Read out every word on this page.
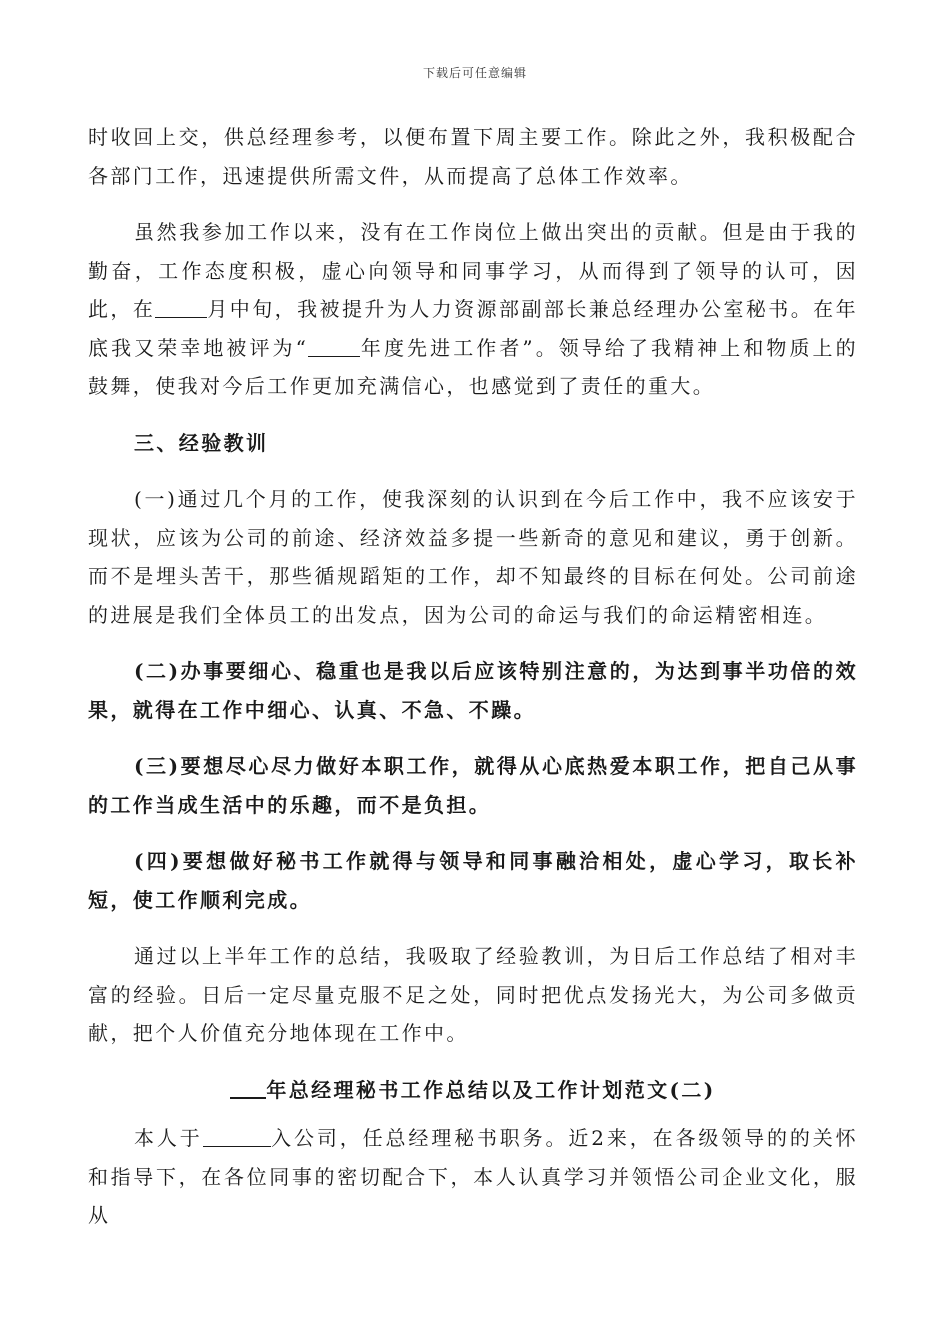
下载后可任意编辑

时收回上交，供总经理参考，以便布置下周主要工作。除此之外，我积极配合各部门工作，迅速提供所需文件，从而提高了总体工作效率。

虽然我参加工作以来，没有在工作岗位上做出突出的贡献。但是由于我的勤奋，工作态度积极，虚心向领导和同事学习，从而得到了领导的认可，因此，在	月中旬，我被提升为人力资源部副部长兼总经理办公室秘书。在年底我又荣幸地被评为“	年度先进工作者”。领导给了我精神上和物质上的鼓舞，使我对今后工作更加充满信心，也感觉到了责任的重大。

三、经验教训

(一)通过几个月的工作，使我深刻的认识到在今后工作中，我不应该安于现状，应该为公司的前途、经济效益多提一些新奇的意见和建议，勇于创新。而不是埋头苦干，那些循规蹈矩的工作，却不知最终的目标在何处。公司前途的进展是我们全体员工的出发点，因为公司的命运与我们的命运精密相连。

(二)办事要细心、稳重也是我以后应该特别注意的，为达到事半功倍的效果，就得在工作中细心、认真、不急、不躁。

(三)要想尽心尽力做好本职工作，就得从心底热爱本职工作，把自己从事的工作当成生活中的乐趣，而不是负担。

(四)要想做好秘书工作就得与领导和同事融洽相处，虚心学习，取长补短，使工作顺利完成。

通过以上半年工作的总结，我吸取了经验教训，为日后工作总结了相对丰富的经验。日后一定尽量克服不足之处，同时把优点发扬光大，为公司多做贡献，把个人价值充分地体现在工作中。

年总经理秘书工作总结以及工作计划范文(二)

本人于	入公司，任总经理秘书职务。近2来，在各级领导的的关怀和指导下，在各位同事的密切配合下，本人认真学习并领悟公司企业文化，服从
